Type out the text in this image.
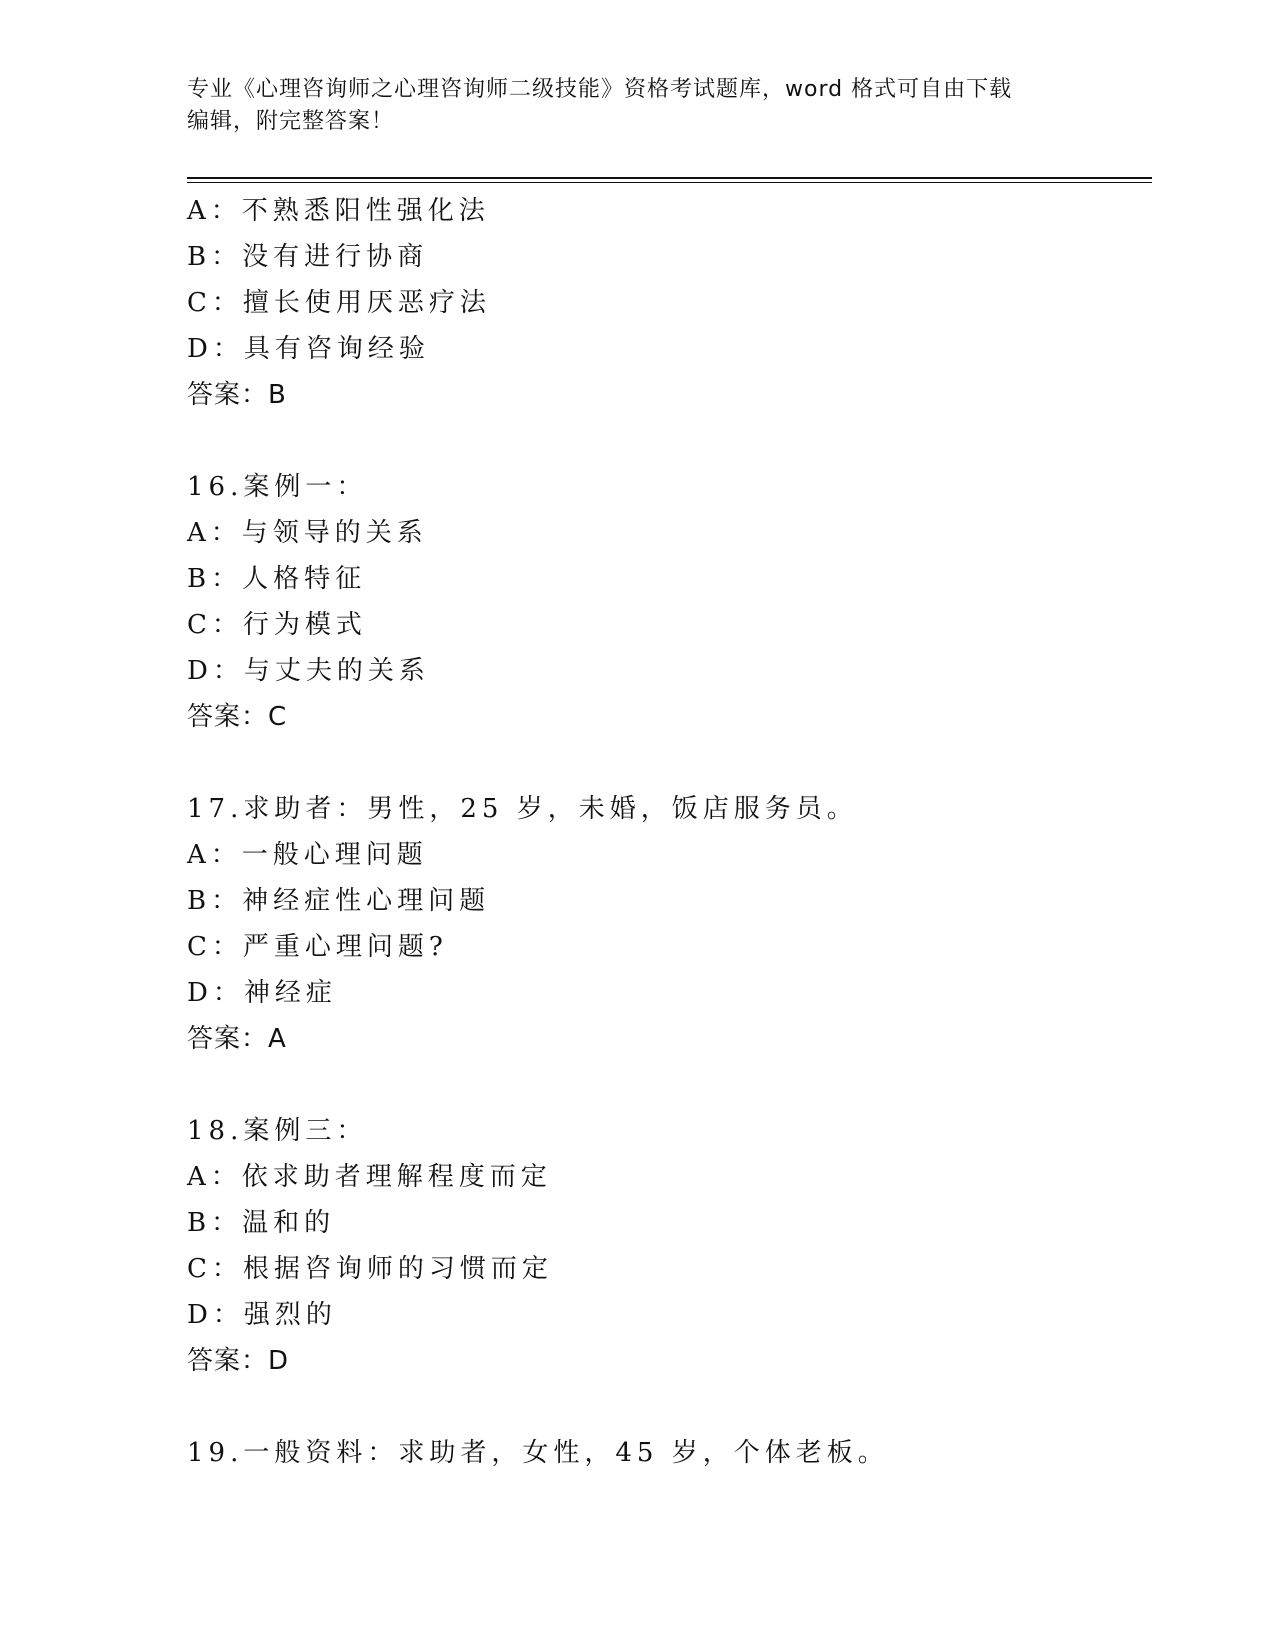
专业《心理咨询师之心理咨询师二级技能》资格考试题库，word 格式可自由下载

编辑，附完整答案！

A：不熟悉阳性强化法
B：没有进行协商
C：擅长使用厌恶疗法
D：具有咨询经验
答案：B
16.案例一：
A：与领导的关系
B：人格特征
C：行为模式
D：与丈夫的关系
答案：C
17.求助者：男性，25 岁，未婚，饭店服务员。
A：一般心理问题
B：神经症性心理问题
C：严重心理问题?
D：神经症
答案：A
18.案例三：
A：依求助者理解程度而定
B：温和的
C：根据咨询师的习惯而定
D：强烈的
答案：D
19.一般资料：求助者，女性，45 岁，个体老板。
